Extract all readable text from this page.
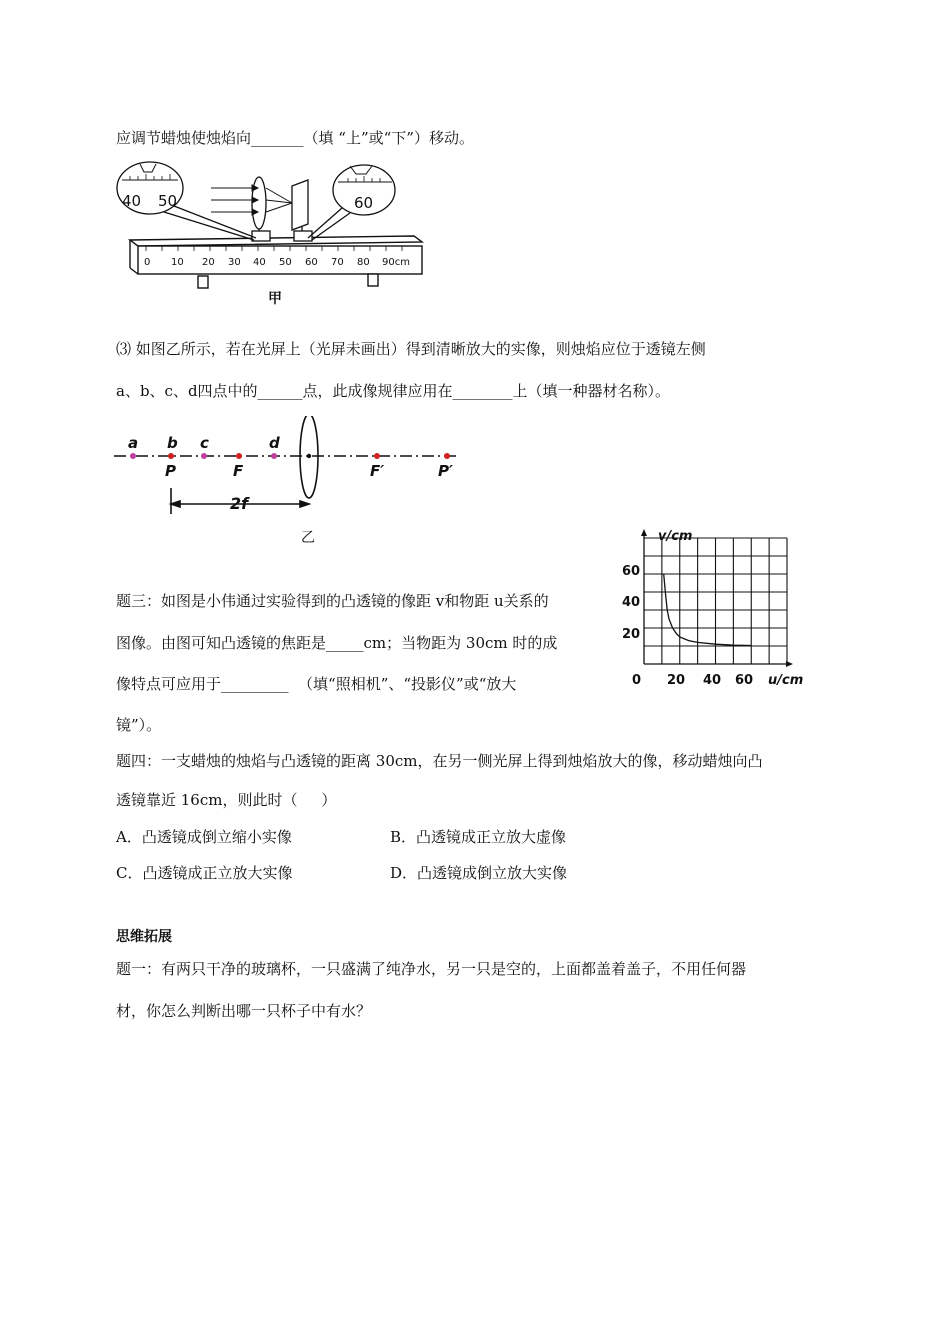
应调节蜡烛使烛焰向_______（填 “上”或“下”）移动。
0 10 20 30 40 50 60 70 80 90cm
40 50	60
甲
⑶ 如图乙所示，若在光屏上（光屏未画出）得到清晰放大的实像，则烛焰应位于透镜左侧
a、b、c、d四点中的______点，此成像规律应用在________上（填一种器材名称）。
a b c	d
P	F	F′	P′
2f
乙
题三：如图是小伟通过实验得到的凸透镜的像距 v和物距 u关系的
图像。由图可知凸透镜的焦距是_____cm；当物距为 30cm 时的成
像特点可应用于_________  （填“照相机”、“投影仪”或“放大
镜”）。
v/cm
u/cm
60
40
20
0 20 40 60
题四：一支蜡烛的烛焰与凸透镜的距离 30cm，在另一侧光屏上得到烛焰放大的像，移动蜡烛向凸
透镜靠近 16cm，则此时（     ）
A．凸透镜成倒立缩小实像	B．凸透镜成正立放大虚像
C．凸透镜成正立放大实像	D．凸透镜成倒立放大实像
思维拓展
题一：有两只干净的玻璃杯，一只盛满了纯净水，另一只是空的，上面都盖着盖子，不用任何器
材，你怎么判断出哪一只杯子中有水？
